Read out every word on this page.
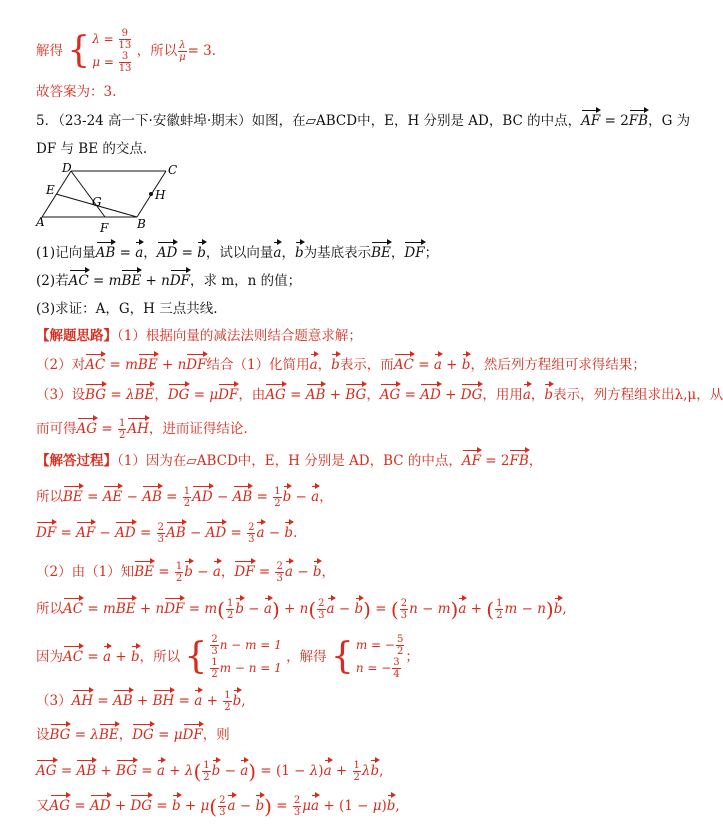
解得 { $\lambda = \frac{9}{13}$
$\mu = \frac{3}{13}$ ，所以 $\frac{\lambda}{\mu} = 3$.
故答案为：3.
5．（23-24 高一下·安徽蚌埠·期末）如图，在▱ABCD中，E，H 分别是 AD，BC 的中点，AF = 2FB，G 为
DF 与 BE 的交点.
D	C
E
G	H
A	F B
(1)记向量AB = a，AD = b，试以向量a，b为基底表示BE，DF；
(2)若AC = mBE + nDF，求 m，n 的值；
(3)求证：A，G，H 三点共线.
【解题思路】（1）根据向量的减法法则结合题意求解；
（2）对AC = mBE + nDF结合（1）化简用a，b表示，而AC = a + b，然后列方程组可求得结果；
（3）设BG = λBE，DG = μDF，由AG = AB + BG，AG = AD + DG，用用a，b表示，列方程组求出λ,μ，从
而可得AG = $\frac{1}{2}$ AH，进而证得结论.
【解答过程】（1）因为在▱ABCD中，E，H 分别是 AD，BC 的中点，AF = 2FB，
所以BE = AE − AB = $\frac{1}{2}$ AD − AB = $\frac{1}{2}$ b − a，
DF = AF − AD = $\frac{2}{3}$ AB − AD = $\frac{2}{3}$ a − b.
（2）由（1）知BE = $\frac{1}{2}$ b − a，DF = $\frac{2}{3}$ a − b，
所以AC = mBE + nDF = $m( \frac{1}{2}$ $b - a) + n( \frac{2}{3}$ a − b) = ( $\frac{2}{3}$ n − m)a + ( $\frac{1}{2}$ m − n)b,
因为AC = a + b，所以 { $\frac{2}{3}$ n − m = 1
$\frac{1}{2}$ m − n = 1
，解得 { m = − $\frac{5}{2}$
n = − $\frac{3}{4}$ ；
（3）AH = AB + BH = $a + \frac{1}{2} b$,
设BG = λBE，DG = μDF，则
AG = AB + BG = $a + \lambda( \frac{1}{2}$ $b - a) = (1 - \lambda)a + \frac{1}{2} \lambda b$,
又AG = AD + DG = $b + \mu( \frac{2}{3}$ $a - b) = \frac{2}{3}$ μa + (1 − μ)b,
